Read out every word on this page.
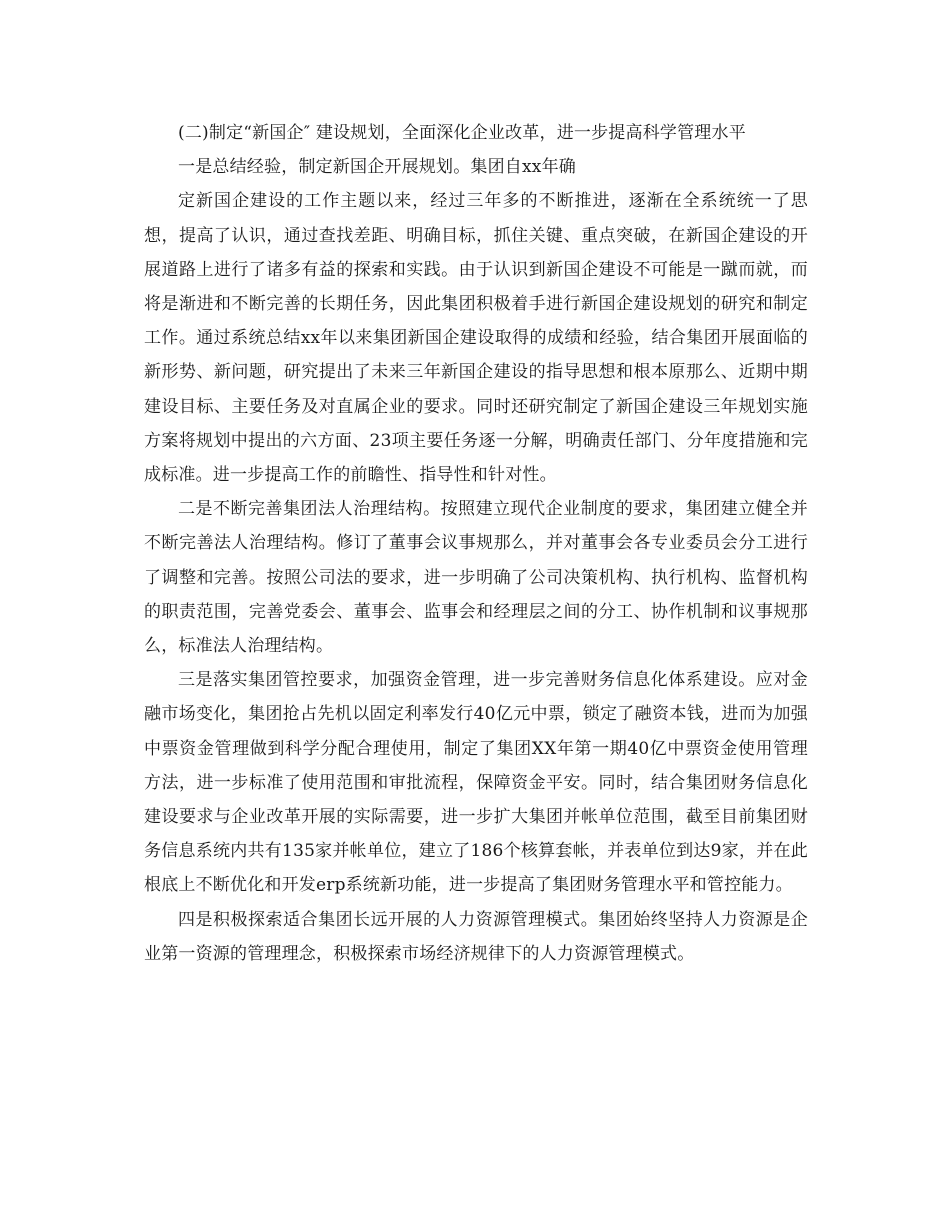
(二)制定“新国企″ 建设规划，全面深化企业改革，进一步提高科学管理水平

一是总结经验，制定新国企开展规划。集团自xx年确

定新国企建设的工作主题以来，经过三年多的不断推进，逐渐在全系统统一了思想，提高了认识，通过查找差距、明确目标，抓住关键、重点突破，在新国企建设的开展道路上进行了诸多有益的探索和实践。由于认识到新国企建设不可能是一蹴而就，而将是渐进和不断完善的长期任务，因此集团积极着手进行新国企建设规划的研究和制定工作。通过系统总结xx年以来集团新国企建设取得的成绩和经验，结合集团开展面临的新形势、新问题，研究提出了未来三年新国企建设的指导思想和根本原那么、近期中期建设目标、主要任务及对直属企业的要求。同时还研究制定了新国企建设三年规划实施方案将规划中提出的六方面、23项主要任务逐一分解，明确责任部门、分年度措施和完成标准。进一步提高工作的前瞻性、指导性和针对性。

二是不断完善集团法人治理结构。按照建立现代企业制度的要求，集团建立健全并不断完善法人治理结构。修订了董事会议事规那么，并对董事会各专业委员会分工进行了调整和完善。按照公司法的要求，进一步明确了公司决策机构、执行机构、监督机构的职责范围，完善党委会、董事会、监事会和经理层之间的分工、协作机制和议事规那么，标准法人治理结构。

三是落实集团管控要求，加强资金管理，进一步完善财务信息化体系建设。应对金融市场变化，集团抢占先机以固定利率发行40亿元中票，锁定了融资本钱，进而为加强中票资金管理做到科学分配合理使用，制定了集团XX年第一期40亿中票资金使用管理方法，进一步标准了使用范围和审批流程，保障资金平安。同时，结合集团财务信息化建设要求与企业改革开展的实际需要，进一步扩大集团并帐单位范围，截至目前集团财务信息系统内共有135家并帐单位，建立了186个核算套帐，并表单位到达9家，并在此根底上不断优化和开发erp系统新功能，进一步提高了集团财务管理水平和管控能力。

四是积极探索适合集团长远开展的人力资源管理模式。集团始终坚持人力资源是企业第一资源的管理理念，积极探索市场经济规律下的人力资源管理模式。
